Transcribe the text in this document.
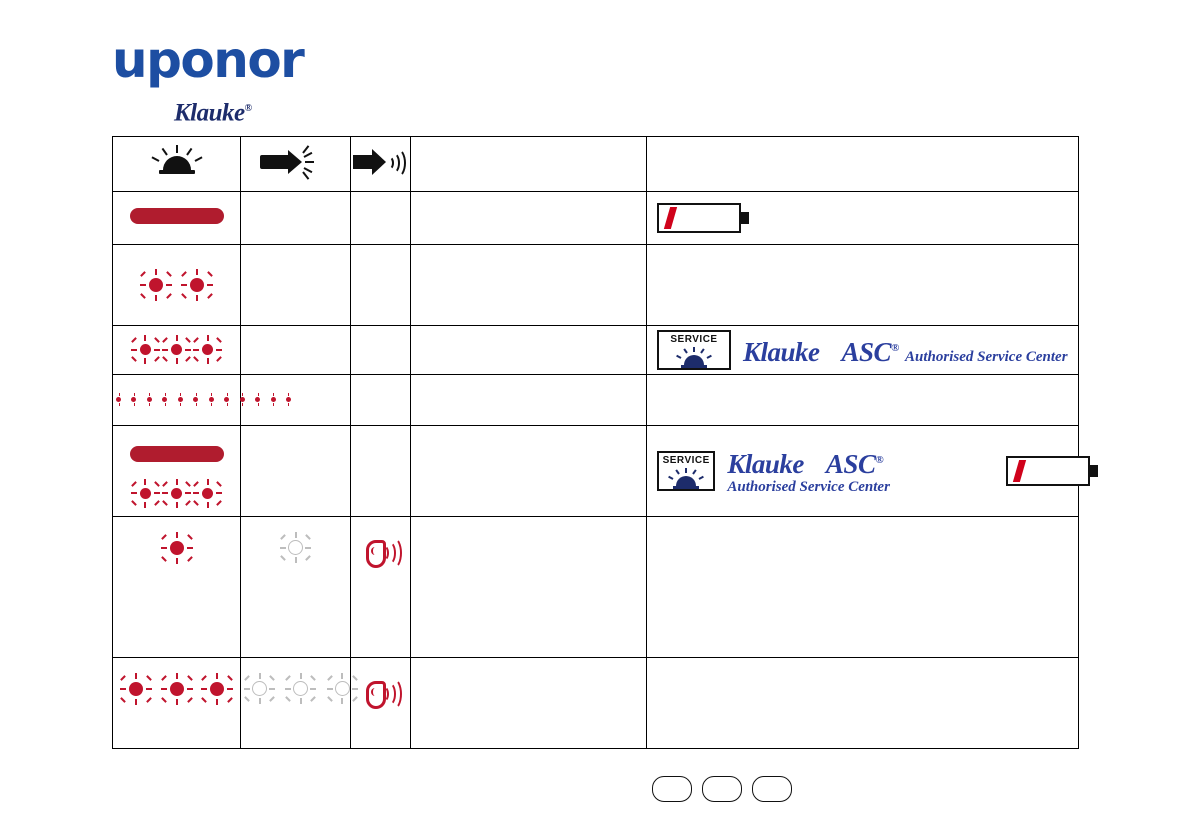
uponor
Klauke®

				SERVICE Klauke ASC® Authorised Service Center

				SERVICE Klauke ASC® Authorised Service Center
